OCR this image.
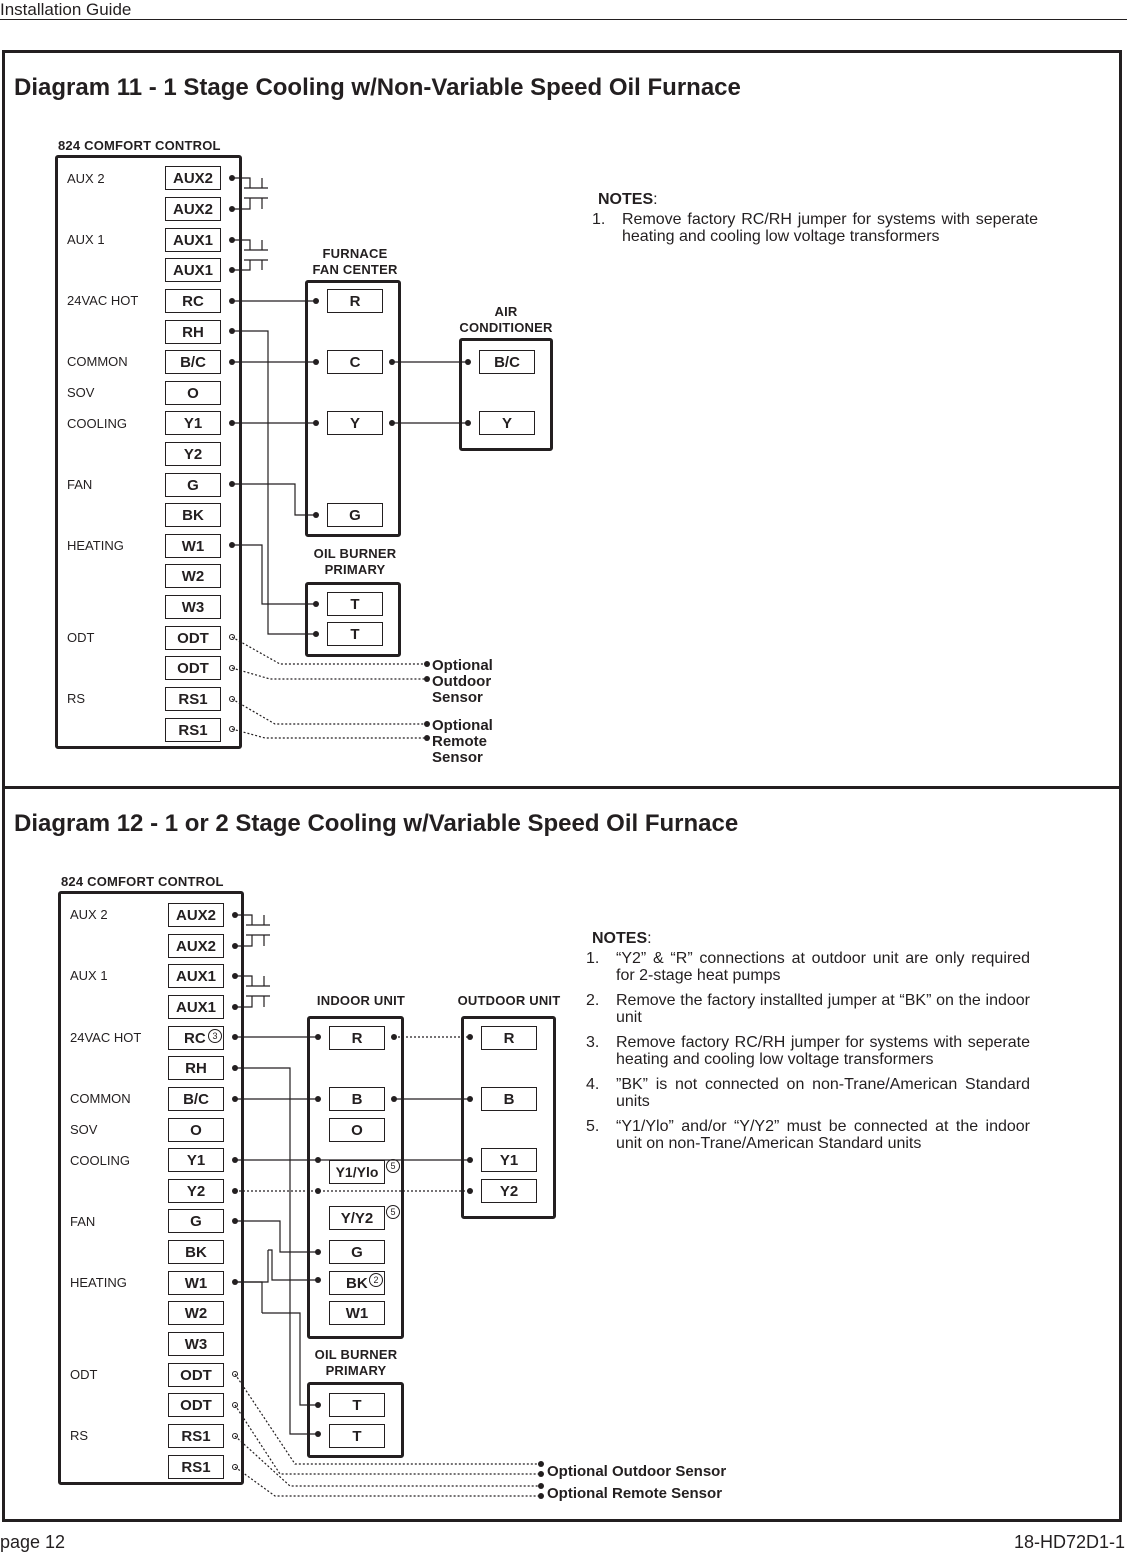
Installation Guide
page 12	18-HD72D1-1
Diagram 11 - 1 Stage Cooling w/Non-Variable Speed Oil Furnace
824 COMFORT CONTROL
AUX 2
AUX 1
24VAC HOT
COMMON
SOV
COOLING
FAN
HEATING
ODT
RS
AUX2
AUX2
AUX1
AUX1
RC
RH
B/C
O
Y1
Y2
G
BK
W1
W2
W3
ODT
ODT
RS1
RS1
FURNACE
FAN CENTER
R
C
Y
G
AIR
CONDITIONER
B/C
Y
OIL BURNER
PRIMARY
T
T
Optional
Outdoor
Sensor
Optional
Remote
Sensor
NOTES:
1.	Remove factory RC/RH jumper for systems with seperate heating and cooling low voltage transformers
Diagram 12 - 1 or 2 Stage Cooling w/Variable Speed Oil Furnace
824 COMFORT CONTROL
AUX 2
AUX 1
24VAC HOT
COMMON
SOV
COOLING
FAN
HEATING
ODT
RS
AUX2
AUX2
AUX1
AUX1
RC 3
RH
B/C
O
Y1
Y2
G
BK
W1
W2
W3
ODT
ODT
RS1
RS1
INDOOR UNIT
R
B
O
Y1/Ylo	5
Y/Y2	5
G
BK 2
W1
OUTDOOR UNIT
R
B
Y1
Y2
OIL BURNER
PRIMARY
T
T
Optional Outdoor Sensor
Optional Remote Sensor
NOTES:
1.	“Y2” & “R” connections at outdoor unit are only required for 2-stage heat pumps
2.	Remove the factory installted jumper at “BK” on the indoor unit
3.	Remove factory RC/RH jumper for systems with seperate heating and cooling low voltage transformers
4.	”BK” is not connected on non-Trane/American Standard units
5.	“Y1/Ylo” and/or “Y/Y2” must be connected at the indoor unit on non-Trane/American Standard units
